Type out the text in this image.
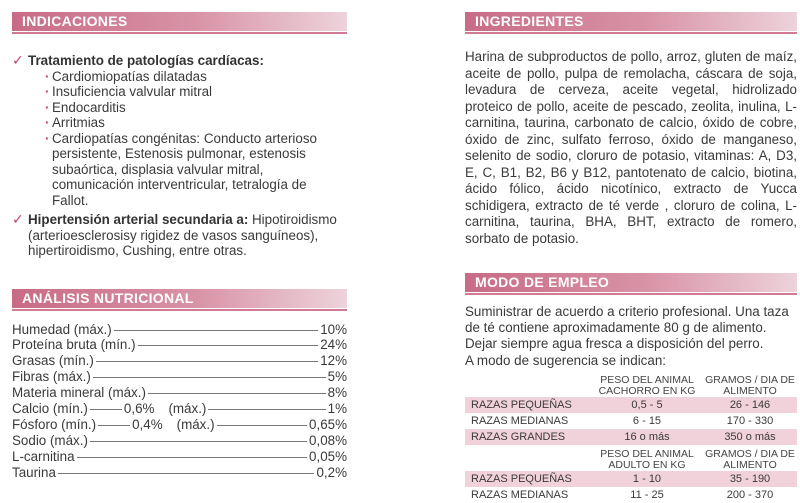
INDICACIONES
✓ Tratamiento de patologías cardíacas:
· Cardiomiopatías dilatadas
· Insuficiencia valvular mitral
· Endocarditis
· Arritmias
· Cardiopatías congénitas: Conducto arterioso persistente, Estenosis pulmonar, estenosis subaórtica, displasia valvular mitral, comunicación interventricular, tetralogía de Fallot.
✓ Hipertensión arterial secundaria a: Hipotiroidismo (arterioesclerosisy rigidez de vasos sanguíneos), hipertiroidismo, Cushing, entre otras.
ANÁLISIS NUTRICIONAL
Humedad (máx.)	10%
Proteína bruta (mín.)	24%
Grasas (mín.)	12%
Fibras (máx.)	5%
Materia mineral (máx.)	8%
Calcio (mín.)	0,6% (máx.)	1%
Fósforo (mín.)	0,4% (máx.)	0,65%
Sodio (máx.)	0,08%
L-carnitina	0,05%
Taurina	0,2%
INGREDIENTES
Harina de subproductos de pollo, arroz, gluten de maíz, aceite de pollo, pulpa de remolacha, cáscara de soja, levadura de cerveza, aceite vegetal, hidrolizado proteico de pollo, aceite de pescado, zeolita, inulina, L-carnitina, taurina, carbonato de calcio, óxido de cobre, óxido de zinc, sulfato ferroso, óxido de manganeso, selenito de sodio, cloruro de potasio, vitaminas: A, D3, E, C, B1, B2, B6 y B12, pantotenato de calcio, biotina, ácido fólico, ácido nicotínico, extracto de Yucca schidigera, extracto de té verde , cloruro de colina, L-carnitina, taurina, BHA, BHT, extracto de romero, sorbato de potasio.
MODO DE EMPLEO
Suministrar de acuerdo a criterio profesional. Una taza de té contiene aproximadamente 80 g de alimento.
Dejar siempre agua fresca a disposición del perro.
A modo de sugerencia se indican:
	PESO DEL ANIMAL CACHORRO EN KG	GRAMOS / DIA DE ALIMENTO
RAZAS PEQUEÑAS	0,5 - 5	26 - 146
RAZAS MEDIANAS	6 - 15	170 - 330
RAZAS GRANDES	16 o más	350 o más
	PESO DEL ANIMAL ADULTO EN KG	GRAMOS / DIA DE ALIMENTO
RAZAS PEQUEÑAS	1 - 10	35 - 190
RAZAS MEDIANAS	11 - 25	200 - 370
